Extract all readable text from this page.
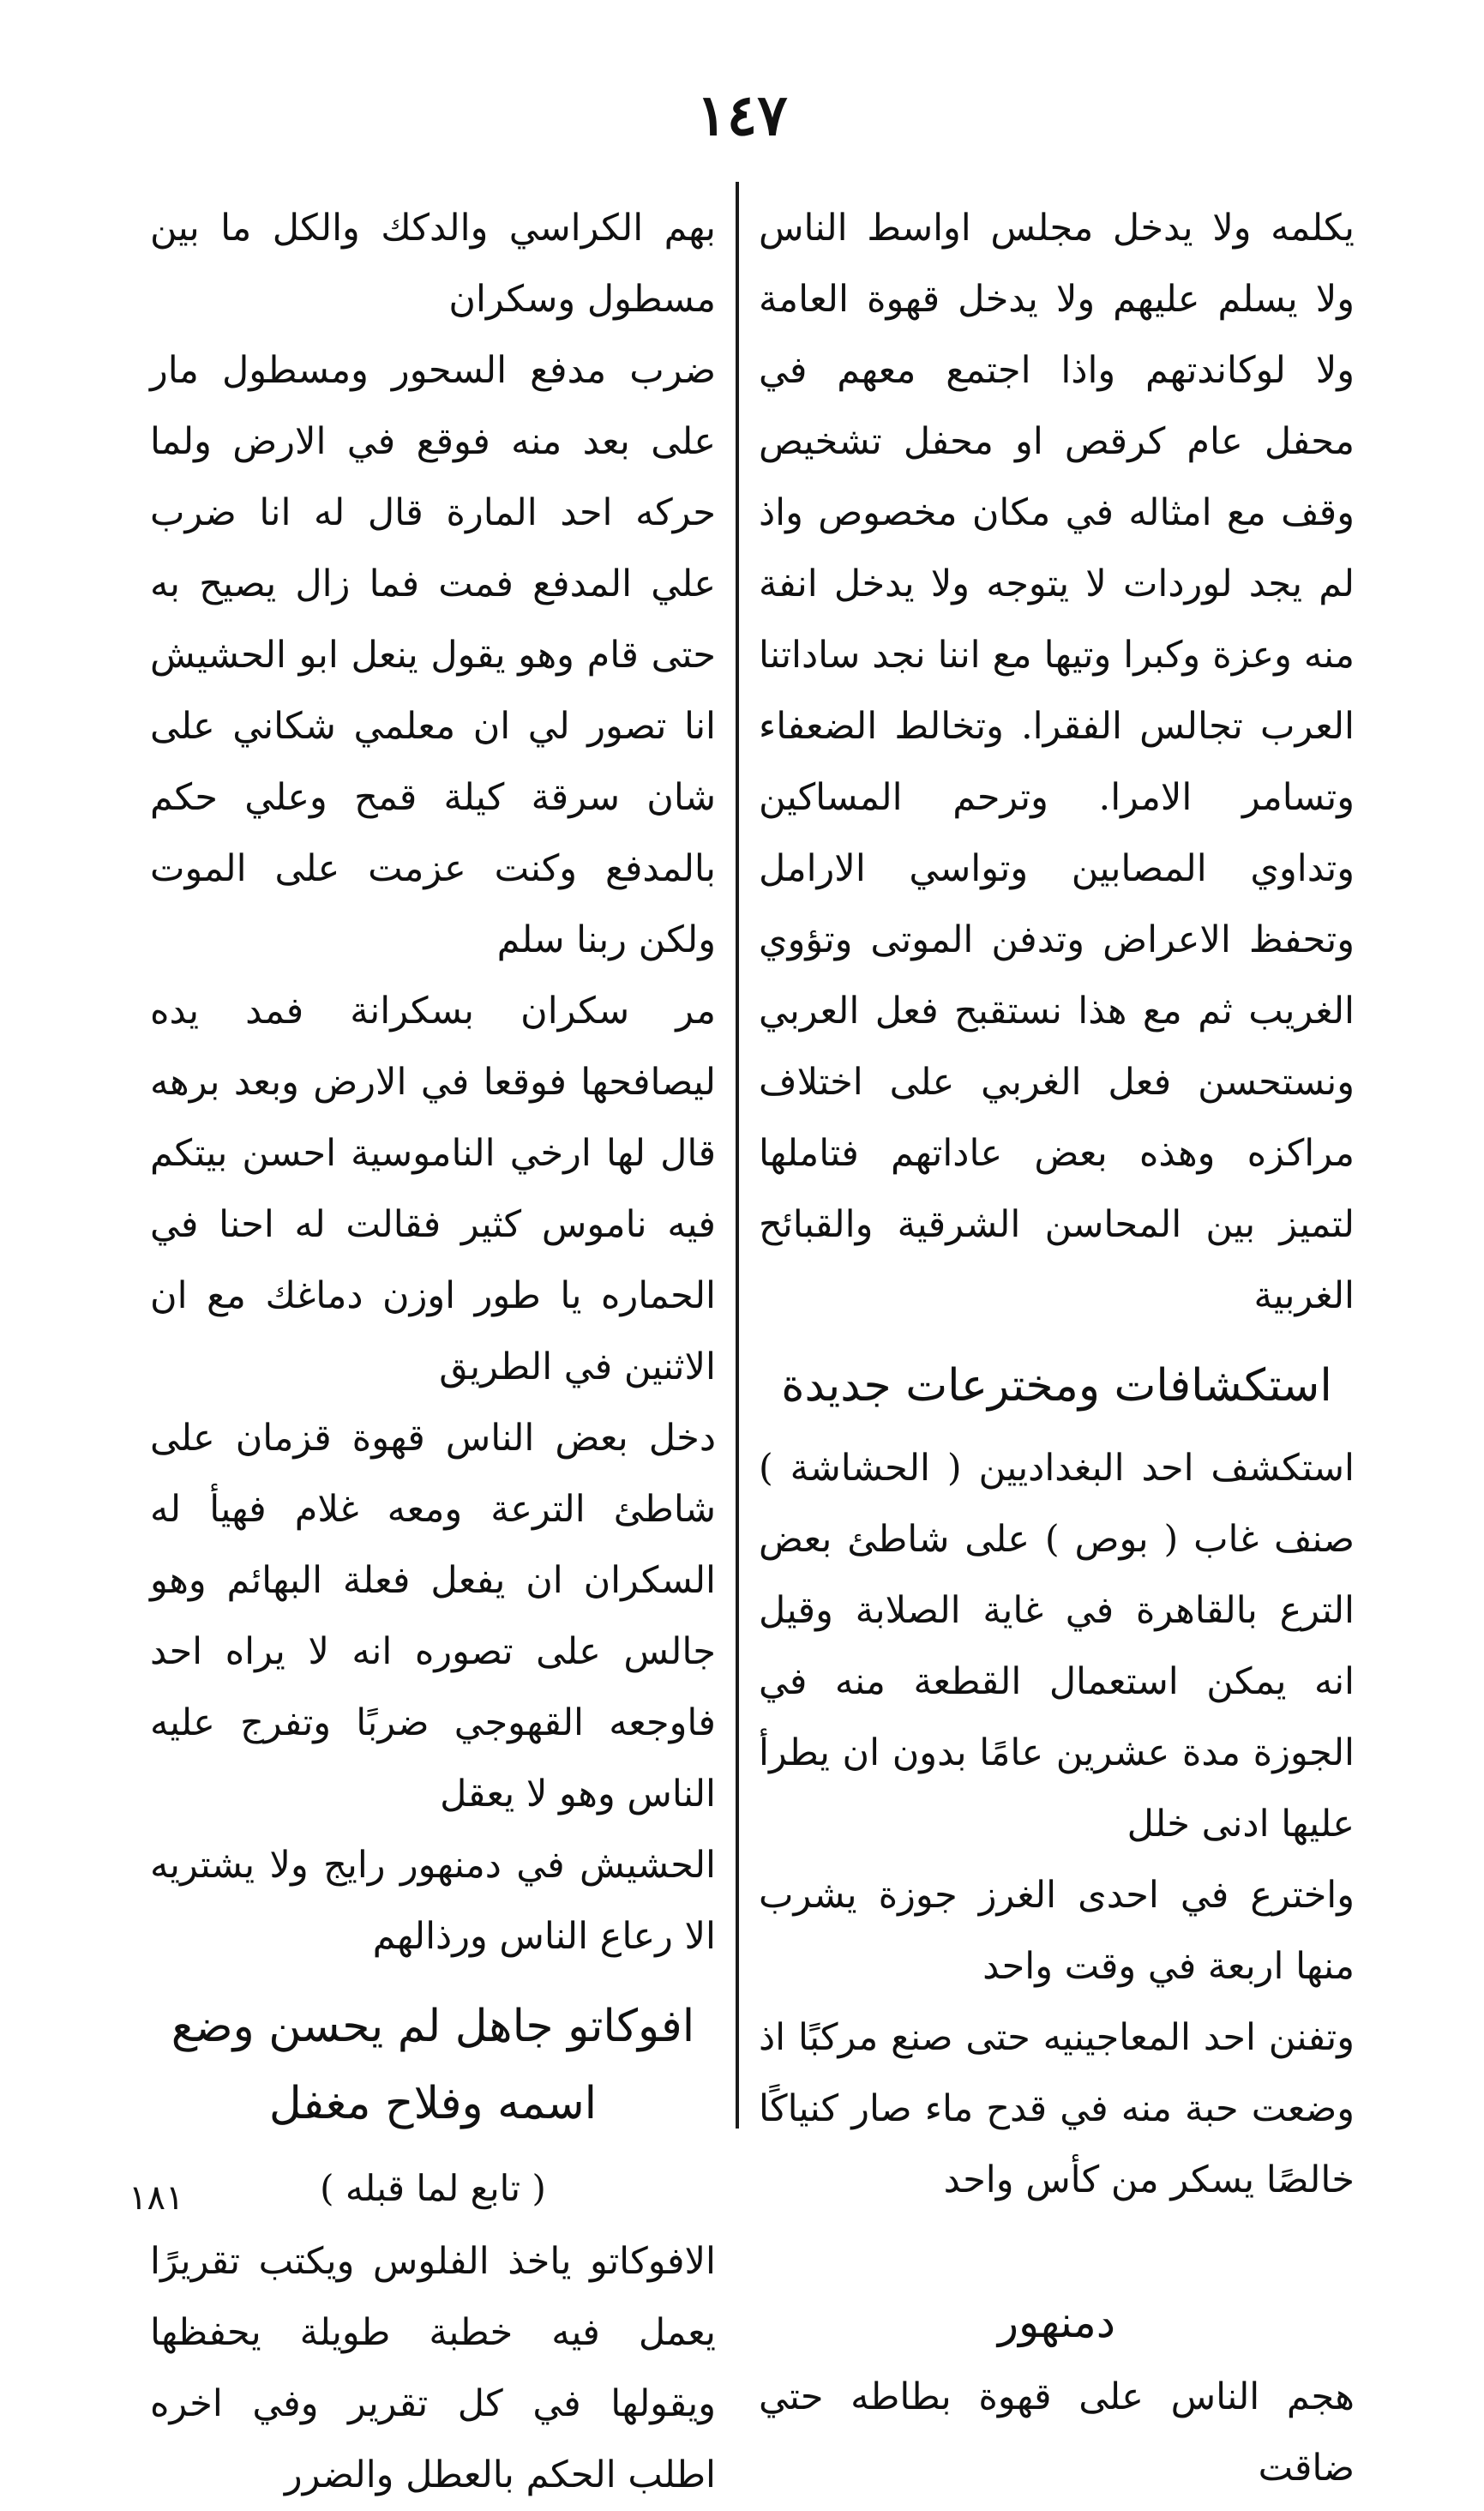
١٤٧

يكلمه ولا يدخل مجلس اواسط الناس ولا يسلم عليهم ولا يدخل قهوة العامة ولا لوكاندتهم واذا اجتمع معهم في محفل عام كرقص او محفل تشخيص وقف مع امثاله في مكان مخصوص واذ لم يجد لوردات لا يتوجه ولا يدخل انفة منه وعزة وكبرا وتيها مع اننا نجد ساداتنا العرب تجالس الفقرا. وتخالط الضعفاء وتسامر الامرا. وترحم المساكين وتداوي المصابين وتواسي الارامل وتحفظ الاعراض وتدفن الموتى وتؤوي الغريب ثم مع هذا نستقبح فعل العربي ونستحسن فعل الغربي على اختلاف مراكزه وهذه بعض عاداتهم فتاملها لتميز بين المحاسن الشرقية والقبائح الغربية

استكشافات ومخترعات جديدة

استكشف احد البغداديين ( الحشاشة ) صنف غاب ( بوص ) على شاطئ بعض الترع بالقاهرة في غاية الصلابة وقيل انه يمكن استعمال القطعة منه في الجوزة مدة عشرين عامًا بدون ان يطرأ عليها ادنى خلل

واخترع في احدى الغرز جوزة يشرب منها اربعة في وقت واحد

وتفنن احد المعاجينيه حتى صنع مركبًا اذ وضعت حبة منه في قدح ماء صار كنياكًا خالصًا يسكر من كأس واحد

دمنهور

هجم الناس على قهوة بطاطه حتي ضاقت

بهم الكراسي والدكك والكل ما بين مسطول وسكران

ضرب مدفع السحور ومسطول مار على بعد منه فوقع في الارض ولما حركه احد المارة قال له انا ضرب علي المدفع فمت فما زال يصيح به حتى قام وهو يقول ينعل ابو الحشيش انا تصور لي ان معلمي شكاني على شان سرقة كيلة قمح وعلي حكم بالمدفع وكنت عزمت على الموت ولكن ربنا سلم

مر سكران بسكرانة فمد يده ليصافحها فوقعا في الارض وبعد برهه قال لها ارخي الناموسية احسن بيتكم فيه ناموس كثير فقالت له احنا في الحماره يا طور اوزن دماغك مع ان الاثنين في الطريق

دخل بعض الناس قهوة قزمان على شاطئ الترعة ومعه غلام فهيأ له السكران ان يفعل فعلة البهائم وهو جالس على تصوره انه لا يراه احد فاوجعه القهوجي ضربًا وتفرج عليه الناس وهو لا يعقل

الحشيش في دمنهور رايج ولا يشتريه الا رعاع الناس ورذالهم

افوكاتو جاهل لم يحسن وضع اسمه وفلاح مغفل
( تابع لما قبله )

الافوكاتو ياخذ الفلوس ويكتب تقريرًا يعمل فيه خطبة طويلة يحفظها ويقولها في كل تقرير وفي اخره اطلب الحكم بالعطل والضرر

١٨١
